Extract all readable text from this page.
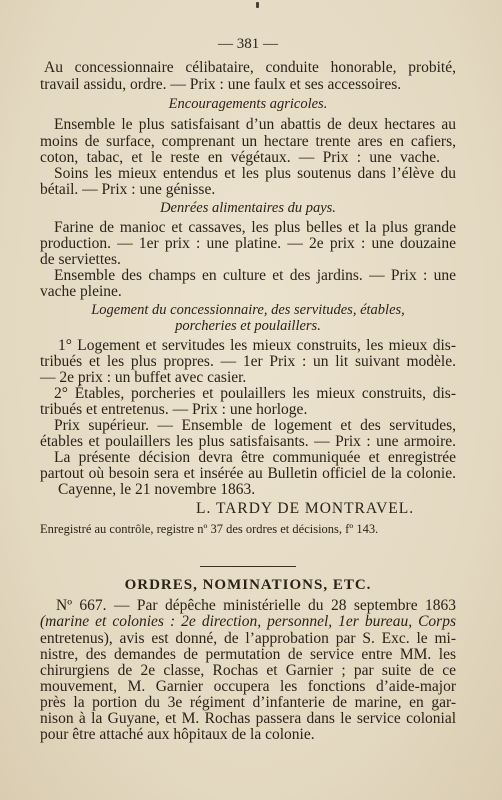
— 381 —
Au concessionnaire célibataire, conduite honorable, probité,
travail assidu, ordre. — Prix : une faulx et ses accessoires.
Encouragements agricoles.
Ensemble le plus satisfaisant d’un abattis de deux hectares au
moins de surface, comprenant un hectare trente ares en cafiers,
coton, tabac, et le reste en végétaux. — Prix : une vache.
Soins les mieux entendus et les plus soutenus dans l’élève du
bétail. — Prix : une génisse.
Denrées alimentaires du pays.
Farine de manioc et cassaves, les plus belles et la plus grande
production. — 1er prix : une platine. — 2e prix : une douzaine
de serviettes.
Ensemble des champs en culture et des jardins. — Prix : une
vache pleine.
Logement du concessionnaire, des servitudes, étables,
porcheries et poulaillers.
1° Logement et servitudes les mieux construits, les mieux dis-
tribués et les plus propres. — 1er Prix : un lit suivant modèle.
— 2e prix : un buffet avec casier.
2° Étables, porcheries et poulaillers les mieux construits, dis-
tribués et entretenus. — Prix : une horloge.
Prix supérieur. — Ensemble de logement et des servitudes,
étables et poulaillers les plus satisfaisants. — Prix : une armoire.
La présente décision devra être communiquée et enregistrée
partout où besoin sera et insérée au Bulletin officiel de la colonie.
Cayenne, le 21 novembre 1863.
L. TARDY DE MONTRAVEL.
Enregistré au contrôle, registre nº 37 des ordres et décisions, fº 143.
ORDRES, NOMINATIONS, ETC.
Nº 667. — Par dépêche ministérielle du 28 septembre 1863
(marine et colonies : 2e direction, personnel, 1er bureau, Corps
entretenus), avis est donné, de l’approbation par S. Exc. le mi-
nistre, des demandes de permutation de service entre MM. les
chirurgiens de 2e classe, Rochas et Garnier ; par suite de ce
mouvement, M. Garnier occupera les fonctions d’aide-major
près la portion du 3e régiment d’infanterie de marine, en gar-
nison à la Guyane, et M. Rochas passera dans le service colonial
pour être attaché aux hôpitaux de la colonie.
